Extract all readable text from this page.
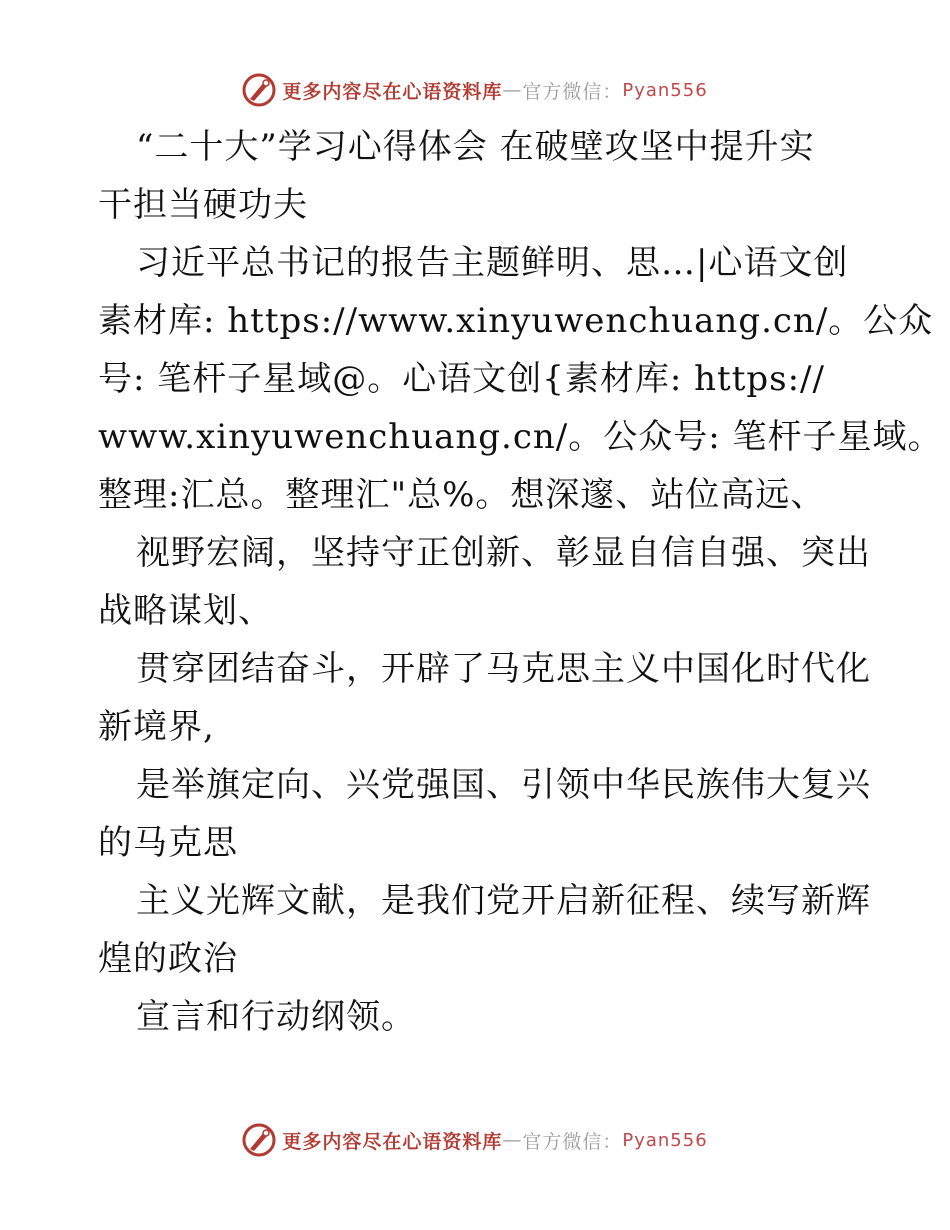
更多内容尽在心语资料库 — 官方微信： Pyan556
“二十大”学习心得体会 在破壁攻坚中提升实
干担当硬功夫
习近平总书记的报告主题鲜明、思…|心语文创
素材库: https://www.xinyuwenchuang.cn/。公众
号: 笔杆子星域@。心语文创{素材库: https://
www.xinyuwenchuang.cn/。公众号: 笔杆子星域。
整理:汇总。整理汇"总%。想深邃、站位高远、
视野宏阔，坚持守正创新、彰显自信自强、突出
战略谋划、
贯穿团结奋斗，开辟了马克思主义中国化时代化
新境界,
是举旗定向、兴党强国、引领中华民族伟大复兴
的马克思
主义光辉文献，是我们党开启新征程、续写新辉
煌的政治
宣言和行动纲领。
更多内容尽在心语资料库 — 官方微信： Pyan556
